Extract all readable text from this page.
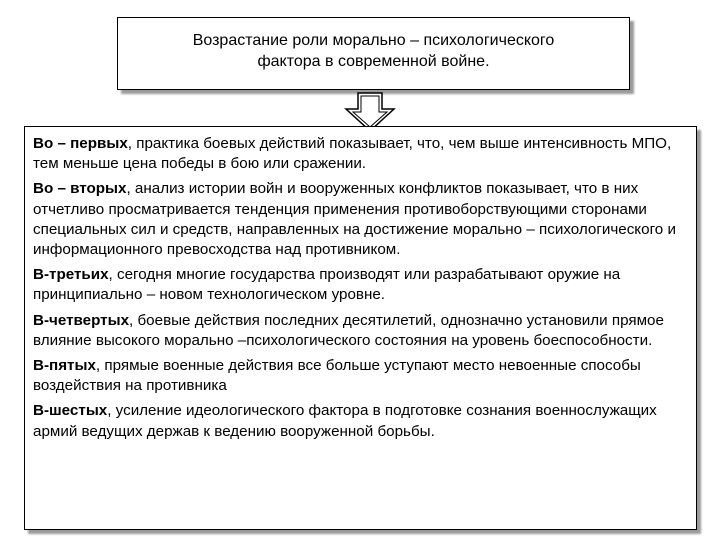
Возрастание роли морально – психологического
фактора в современной войне.

Во – первых, практика боевых действий показывает, что, чем выше интенсивность МПО, тем меньше цена победы в бою или сражении.

Во – вторых, анализ истории войн и вооруженных конфликтов показывает, что в них отчетливо просматривается тенденция применения противоборствующими сторонами специальных сил и средств, направленных на достижение морально – психологического и информационного превосходства над противником.

В-третьих, сегодня многие государства производят или разрабатывают оружие на принципиально – новом технологическом уровне.

В-четвертых, боевые действия последних десятилетий, однозначно установили прямое влияние высокого морально –психологического состояния на уровень боеспособности.

В-пятых, прямые военные действия все больше уступают место невоенные способы воздействия на противника

В-шестых, усиление идеологического фактора в подготовке сознания военнослужащих армий ведущих держав к ведению вооруженной борьбы.
